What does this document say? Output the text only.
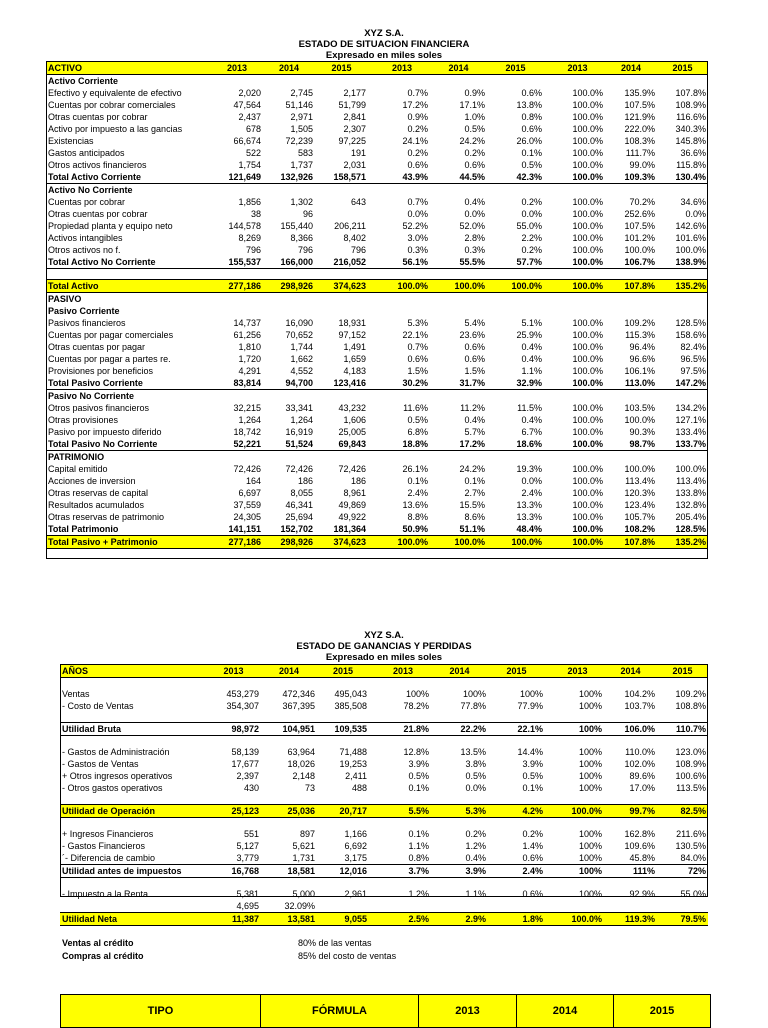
XYZ S.A.
ESTADO DE SITUACION FINANCIERA
Expresado en miles soles
ACTIVO	2013	2014	2015		2013	2014	2015		2013	2014	2015
Activo Corriente											
Efectivo y equivalente de efectivo	2,020	2,745	2,177		0.7%	0.9%	0.6%		100.0%	135.9%	107.8%
Cuentas por cobrar comerciales	47,564	51,146	51,799		17.2%	17.1%	13.8%		100.0%	107.5%	108.9%
Otras cuentas por cobrar	2,437	2,971	2,841		0.9%	1.0%	0.8%		100.0%	121.9%	116.6%
Activo por impuesto a las gancias	678	1,505	2,307		0.2%	0.5%	0.6%		100.0%	222.0%	340.3%
Existencias	66,674	72,239	97,225		24.1%	24.2%	26.0%		100.0%	108.3%	145.8%
Gastos anticipados	522	583	191		0.2%	0.2%	0.1%		100.0%	111.7%	36.6%
Otros activos financieros	1,754	1,737	2,031		0.6%	0.6%	0.5%		100.0%	99.0%	115.8%
Total Activo Corriente	121,649	132,926	158,571		43.9%	44.5%	42.3%		100.0%	109.3%	130.4%
Activo No Corriente											
Cuentas por cobrar	1,856	1,302	643		0.7%	0.4%	0.2%		100.0%	70.2%	34.6%
Otras cuentas por cobrar	38	96			0.0%	0.0%	0.0%		100.0%	252.6%	0.0%
Propiedad planta y equipo neto	144,578	155,440	206,211		52.2%	52.0%	55.0%		100.0%	107.5%	142.6%
Activos intangibles	8,269	8,366	8,402		3.0%	2.8%	2.2%		100.0%	101.2%	101.6%
Otros activos no f.	796	796	796		0.3%	0.3%	0.2%		100.0%	100.0%	100.0%
Total Activo No Corriente	155,537	166,000	216,052		56.1%	55.5%	57.7%		100.0%	106.7%	138.9%

Total Activo	277,186	298,926	374,623		100.0%	100.0%	100.0%		100.0%	107.8%	135.2%
PASIVO											
Pasivo Corriente											
Pasivos financieros	14,737	16,090	18,931		5.3%	5.4%	5.1%		100.0%	109.2%	128.5%
Cuentas por pagar comerciales	61,256	70,652	97,152		22.1%	23.6%	25.9%		100.0%	115.3%	158.6%
Otras cuentas por pagar	1,810	1,744	1,491		0.7%	0.6%	0.4%		100.0%	96.4%	82.4%
Cuentas por pagar a partes re.	1,720	1,662	1,659		0.6%	0.6%	0.4%		100.0%	96.6%	96.5%
Provisiones por beneficios	4,291	4,552	4,183		1.5%	1.5%	1.1%		100.0%	106.1%	97.5%
Total Pasivo Corriente	83,814	94,700	123,416		30.2%	31.7%	32.9%		100.0%	113.0%	147.2%
Pasivo No Corriente											
Otros pasivos financieros	32,215	33,341	43,232		11.6%	11.2%	11.5%		100.0%	103.5%	134.2%
Otras provisiones	1,264	1,264	1,606		0.5%	0.4%	0.4%		100.0%	100.0%	127.1%
Pasivo por impuesto diferido	18,742	16,919	25,005		6.8%	5.7%	6.7%		100.0%	90.3%	133.4%
Total Pasivo No Corriente	52,221	51,524	69,843		18.8%	17.2%	18.6%		100.0%	98.7%	133.7%
PATRIMONIO											
Capital emitido	72,426	72,426	72,426		26.1%	24.2%	19.3%		100.0%	100.0%	100.0%
Acciones de inversion	164	186	186		0.1%	0.1%	0.0%		100.0%	113.4%	113.4%
Otras reservas de capital	6,697	8,055	8,961		2.4%	2.7%	2.4%		100.0%	120.3%	133.8%
Resultados acumulados	37,559	46,341	49,869		13.6%	15.5%	13.3%		100.0%	123.4%	132.8%
Otras reservas de patrimonio	24,305	25,694	49,922		8.8%	8.6%	13.3%		100.0%	105.7%	205.4%
Total Patrimonio	141,151	152,702	181,364		50.9%	51.1%	48.4%		100.0%	108.2%	128.5%
Total Pasivo + Patrimonio	277,186	298,926	374,623		100.0%	100.0%	100.0%		100.0%	107.8%	135.2%
XYZ S.A.
ESTADO DE GANANCIAS Y PERDIDAS
Expresado en miles soles
AÑOS	2013	2014	2015		2013	2014	2015		2013	2014	2015

Ventas	453,279	472,346	495,043		100%	100%	100%		100%	104.2%	109.2%
- Costo de Ventas	354,307	367,395	385,508		78.2%	77.8%	77.9%		100%	103.7%	108.8%

Utilidad Bruta	98,972	104,951	109,535		21.8%	22.2%	22.1%		100%	106.0%	110.7%

- Gastos de Administración	58,139	63,964	71,488		12.8%	13.5%	14.4%		100%	110.0%	123.0%
- Gastos de Ventas	17,677	18,026	19,253		3.9%	3.8%	3.9%		100%	102.0%	108.9%
+ Otros ingresos operativos	2,397	2,148	2,411		0.5%	0.5%	0.5%		100%	89.6%	100.6%
- Otros gastos operativos	430	73	488		0.1%	0.0%	0.1%		100%	17.0%	113.5%

Utilidad de Operación	25,123	25,036	20,717		5.5%	5.3%	4.2%		100.0%	99.7%	82.5%

+ Ingresos Financieros	551	897	1,166		0.1%	0.2%	0.2%		100%	162.8%	211.6%
- Gastos Financieros	5,127	5,621	6,692		1.1%	1.2%	1.4%		100%	109.6%	130.5%
´- Diferencia de cambio	3,779	1,731	3,175		0.8%	0.4%	0.6%		100%	45.8%	84.0%
Utilidad antes de impuestos	16,768	18,581	12,016		3.7%	3.9%	2.4%		100%	111%	72%

- Impuesto a la Renta	5,381	5,000	2,961		1.2%	1.1%	0.6%		100%	92.9%	55.0%
	4,695	32.09%									
Utilidad Neta	11,387	13,581	9,055		2.5%	2.9%	1.8%		100.0%	119.3%	79.5%
Ventas al crédito	80% de las ventas
Compras al crédito	85% del costo de ventas
TIPO	FÓRMULA	2013	2014	2015
